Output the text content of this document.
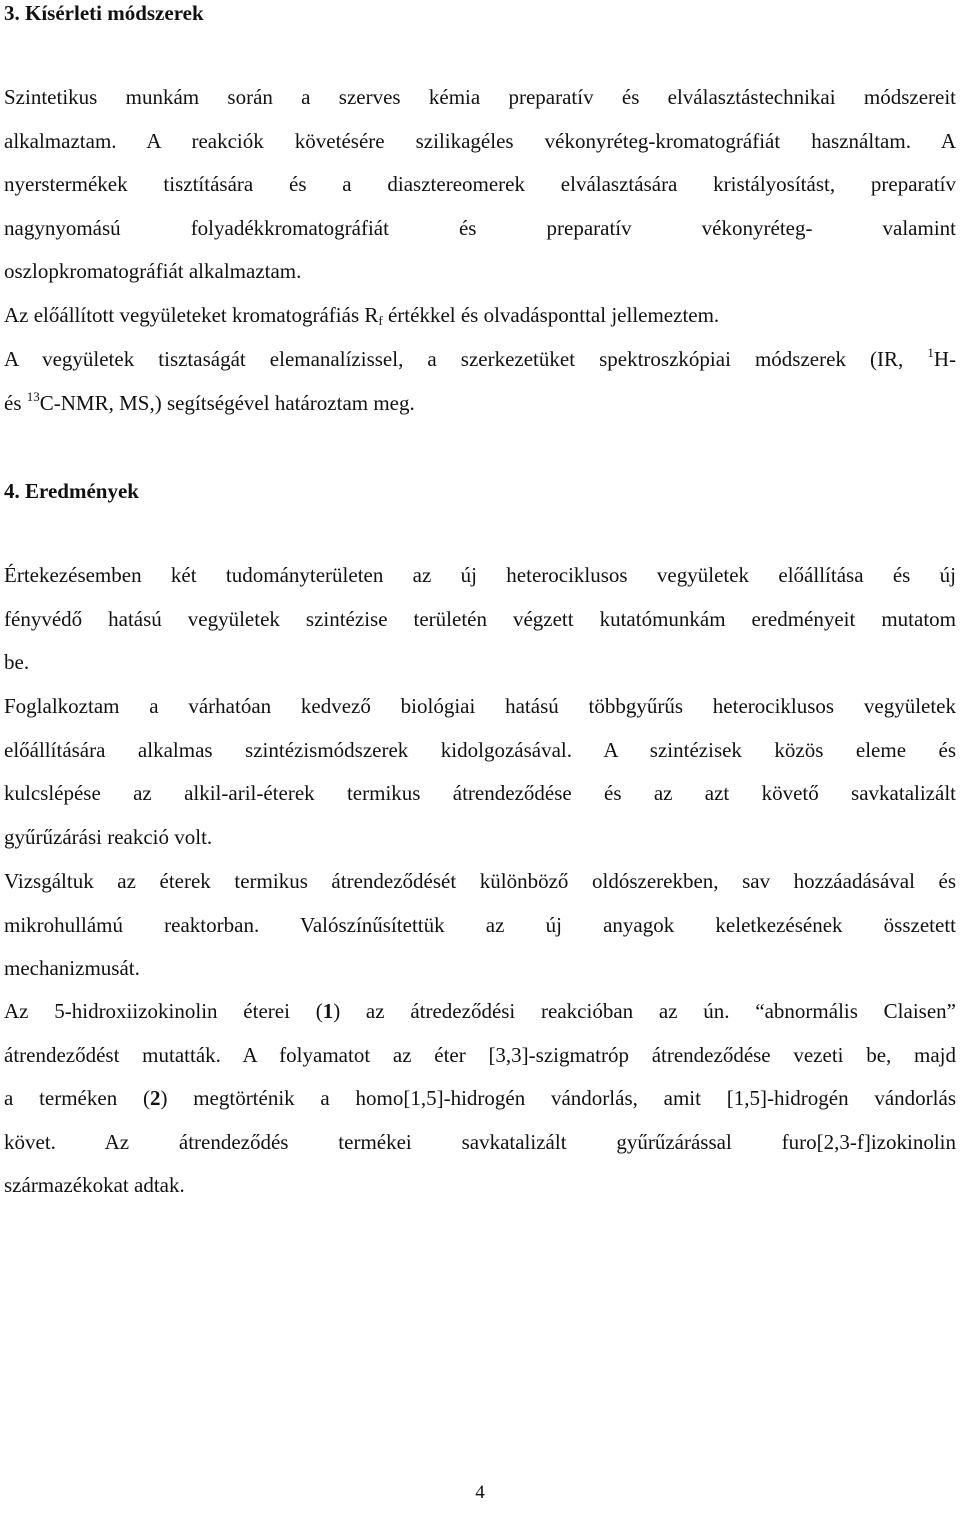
3. Kísérleti módszerek
Szintetikus munkám során a szerves kémia preparatív és elválasztástechnikai módszereit
alkalmaztam. A reakciók követésére szilikagéles vékonyréteg-kromatográfiát használtam. A
nyerstermékek tisztítására és a diasztereomerek elválasztására kristályosítást, preparatív
nagynyomású folyadékkromatográfiát és preparatív vékonyréteg- valamint
oszlopkromatográfiát alkalmaztam.
Az előállított vegyületeket kromatográfiás $R_f$ értékkel és olvadásponttal jellemeztem.
A vegyületek tisztaságát elemanalízissel, a szerkezetüket spektroszkópiai módszerek (IR, $^1$H-
és $^{13}$C-NMR, MS,) segítségével határoztam meg.
4. Eredmények
Értekezésemben két tudományterületen az új heterociklusos vegyületek előállítása és új
fényvédő hatású vegyületek szintézise területén végzett kutatómunkám eredményeit mutatom
be.
Foglalkoztam a várhatóan kedvező biológiai hatású többgyűrűs heterociklusos vegyületek
előállítására alkalmas szintézismódszerek kidolgozásával. A szintézisek közös eleme és
kulcslépése az alkil-aril-éterek termikus átrendeződése és az azt követő savkatalizált
gyűrűzárási reakció volt.
Vizsgáltuk az éterek termikus átrendeződését különböző oldószerekben, sav hozzáadásával és
mikrohullámú reaktorban. Valószínűsítettük az új anyagok keletkezésének összetett
mechanizmusát.
Az 5-hidroxiizokinolin éterei (1) az átredeződési reakcióban az ún. “abnormális Claisen”
átrendeződést mutatták. A folyamatot az éter [3,3]-szigmatróp átrendeződése vezeti be, majd
a terméken (2) megtörténik a homo[1,5]-hidrogén vándorlás, amit [1,5]-hidrogén vándorlás
követ. Az átrendeződés termékei savkatalizált gyűrűzárással furo[2,3-f]izokinolin
származékokat adtak.
4
